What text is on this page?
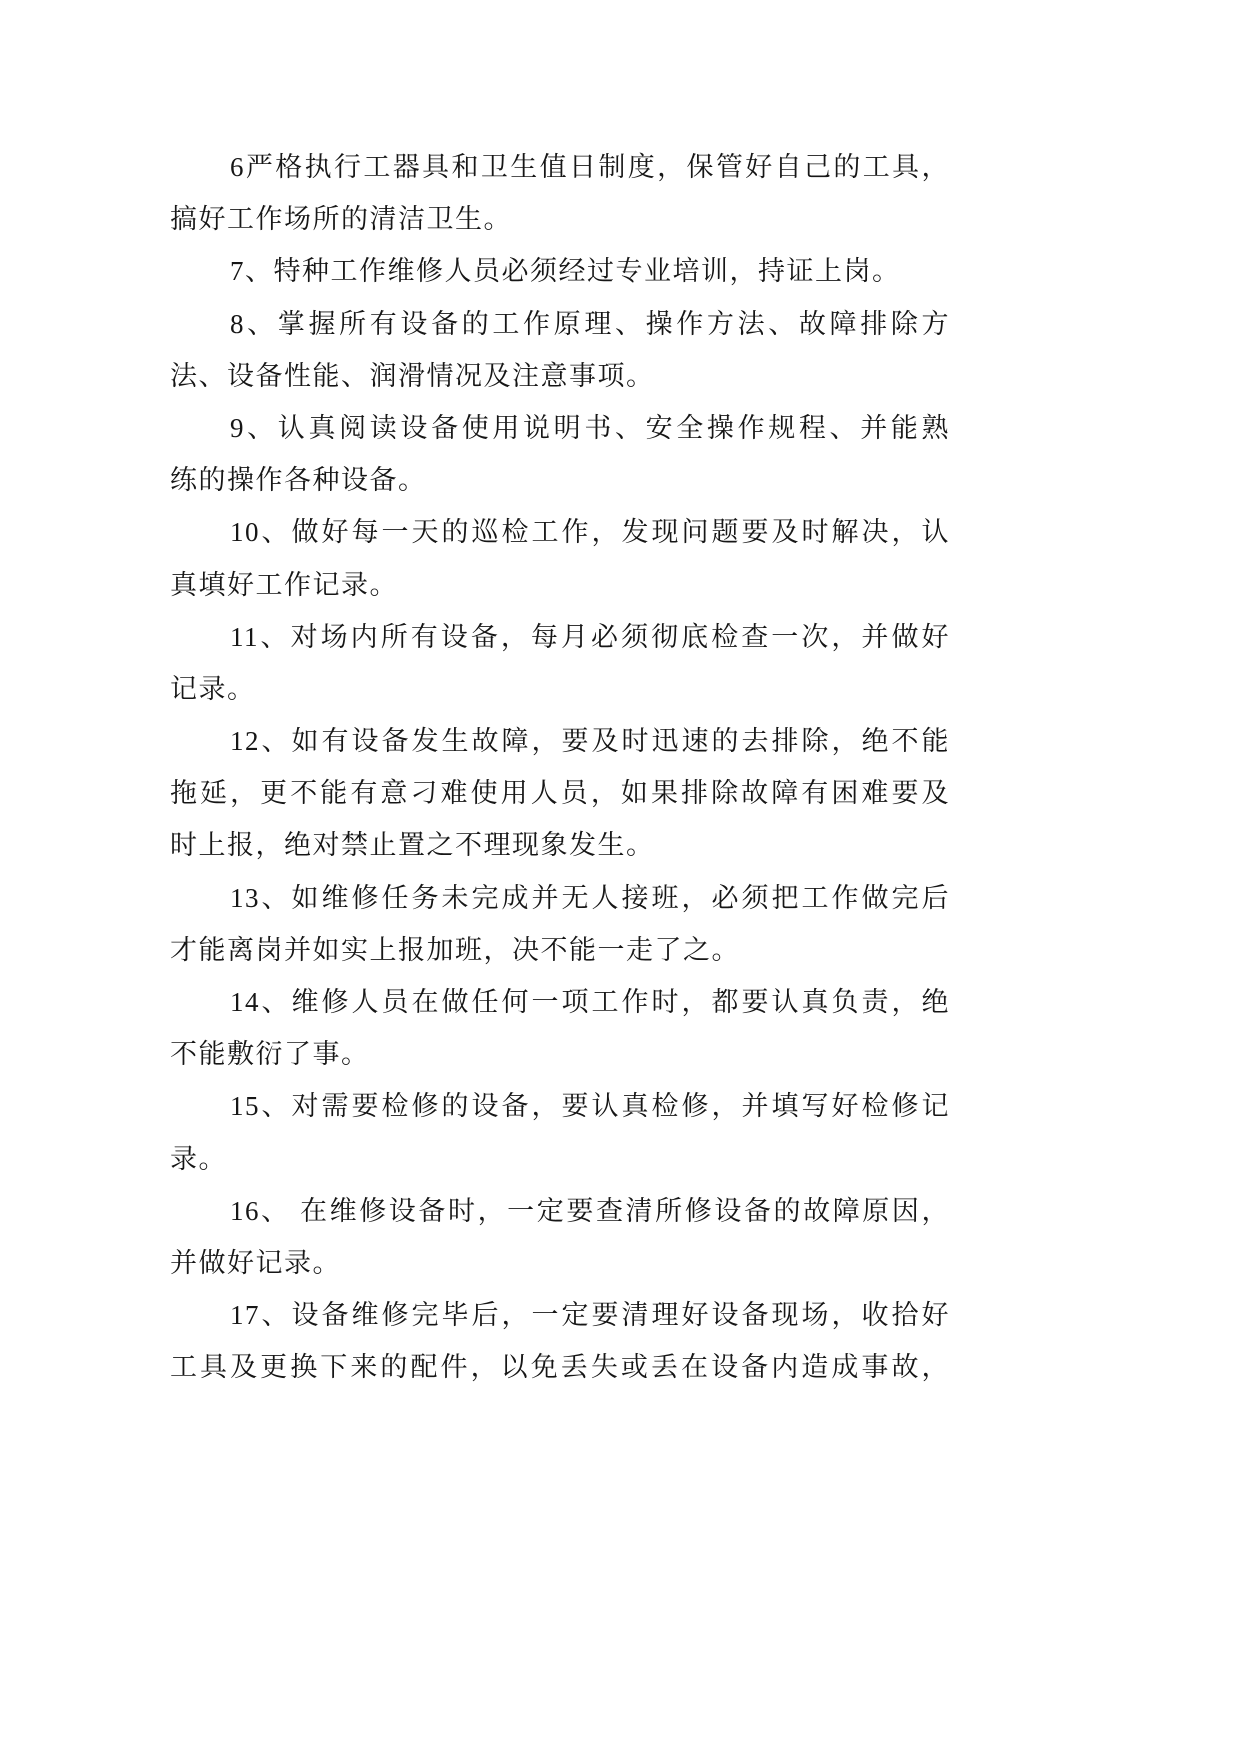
6严格执行工器具和卫生值日制度，保管好自己的工具，
搞好工作场所的清洁卫生。
7、特种工作维修人员必须经过专业培训，持证上岗。
8、掌握所有设备的工作原理、操作方法、故障排除方
法、设备性能、润滑情况及注意事项。
9、认真阅读设备使用说明书、安全操作规程、并能熟
练的操作各种设备。
10、做好每一天的巡检工作，发现问题要及时解决，认
真填好工作记录。
11、对场内所有设备，每月必须彻底检查一次，并做好
记录。
12、如有设备发生故障，要及时迅速的去排除，绝不能
拖延，更不能有意刁难使用人员，如果排除故障有困难要及
时上报，绝对禁止置之不理现象发生。
13、如维修任务未完成并无人接班，必须把工作做完后
才能离岗并如实上报加班，决不能一走了之。
14、维修人员在做任何一项工作时，都要认真负责，绝
不能敷衍了事。
15、对需要检修的设备，要认真检修，并填写好检修记
录。
16、 在维修设备时，一定要查清所修设备的故障原因，
并做好记录。
17、设备维修完毕后，一定要清理好设备现场，收拾好
工具及更换下来的配件，以免丢失或丢在设备内造成事故，
